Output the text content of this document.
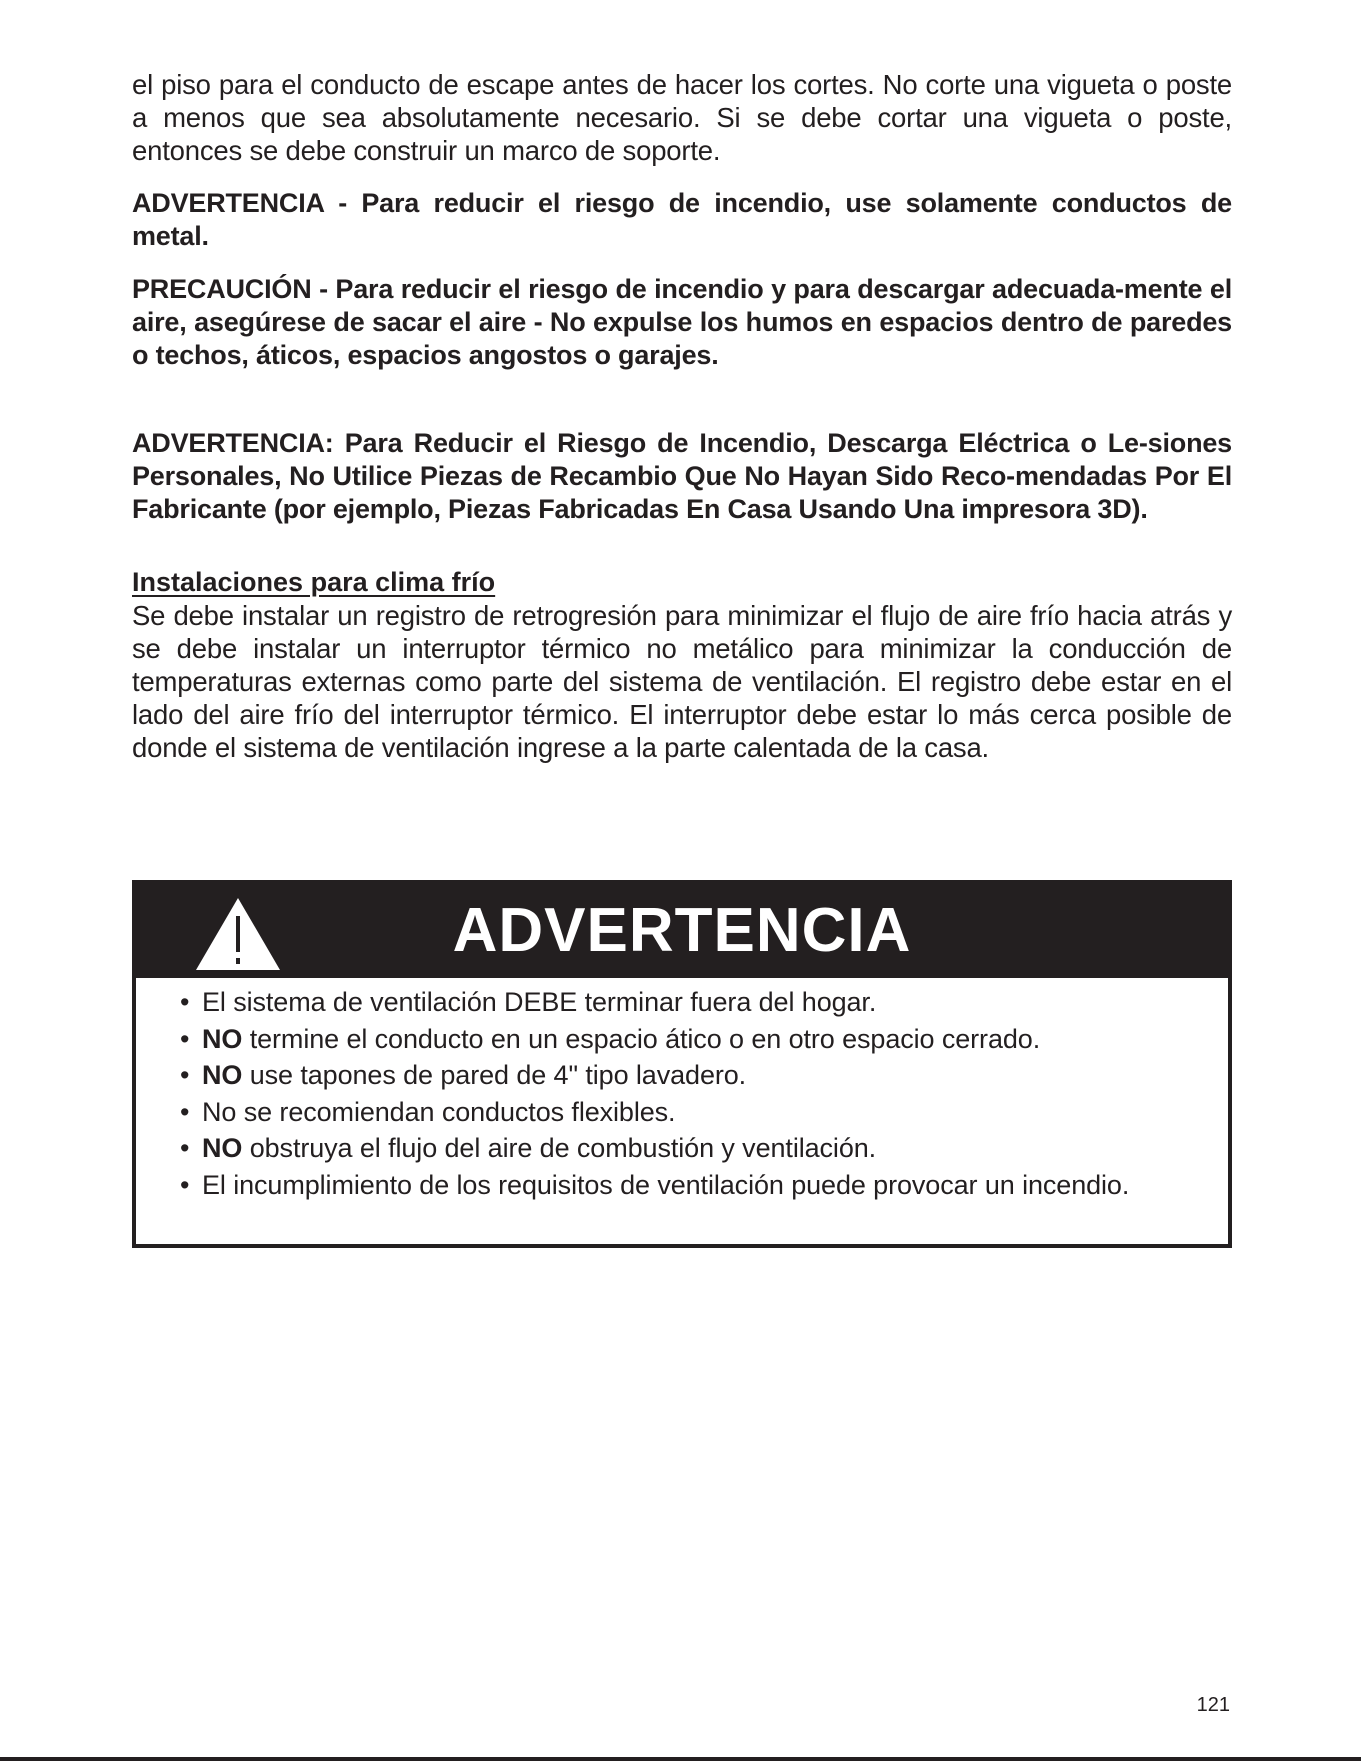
el piso para el conducto de escape antes de hacer los cortes. No corte una vigueta o poste a menos que sea absolutamente necesario. Si se debe cortar una vigueta o poste, entonces se debe construir un marco de soporte.

ADVERTENCIA - Para reducir el riesgo de incendio, use solamente conductos de metal.

PRECAUCIÓN - Para reducir el riesgo de incendio y para descargar adecuada-mente el aire, asegúrese de sacar el aire - No expulse los humos en espacios dentro de paredes o techos, áticos, espacios angostos o garajes.

ADVERTENCIA: Para Reducir el Riesgo de Incendio, Descarga Eléctrica o Le-siones Personales, No Utilice Piezas de Recambio Que No Hayan Sido Reco-mendadas Por El Fabricante (por ejemplo, Piezas Fabricadas En Casa Usando Una impresora 3D).

Instalaciones para clima frío

Se debe instalar un registro de retrogresión para minimizar el flujo de aire frío hacia atrás y se debe instalar un interruptor térmico no metálico para minimizar la conducción de temperaturas externas como parte del sistema de ventilación. El registro debe estar en el lado del aire frío del interruptor térmico. El interruptor debe estar lo más cerca posible de donde el sistema de ventilación ingrese a la parte calentada de la casa.

ADVERTENCIA
• El sistema de ventilación DEBE terminar fuera del hogar.
• NO termine el conducto en un espacio ático o en otro espacio cerrado.
• NO use tapones de pared de 4" tipo lavadero.
• No se recomiendan conductos flexibles.
• NO obstruya el flujo del aire de combustión y ventilación.
• El incumplimiento de los requisitos de ventilación puede provocar un incendio.
121
